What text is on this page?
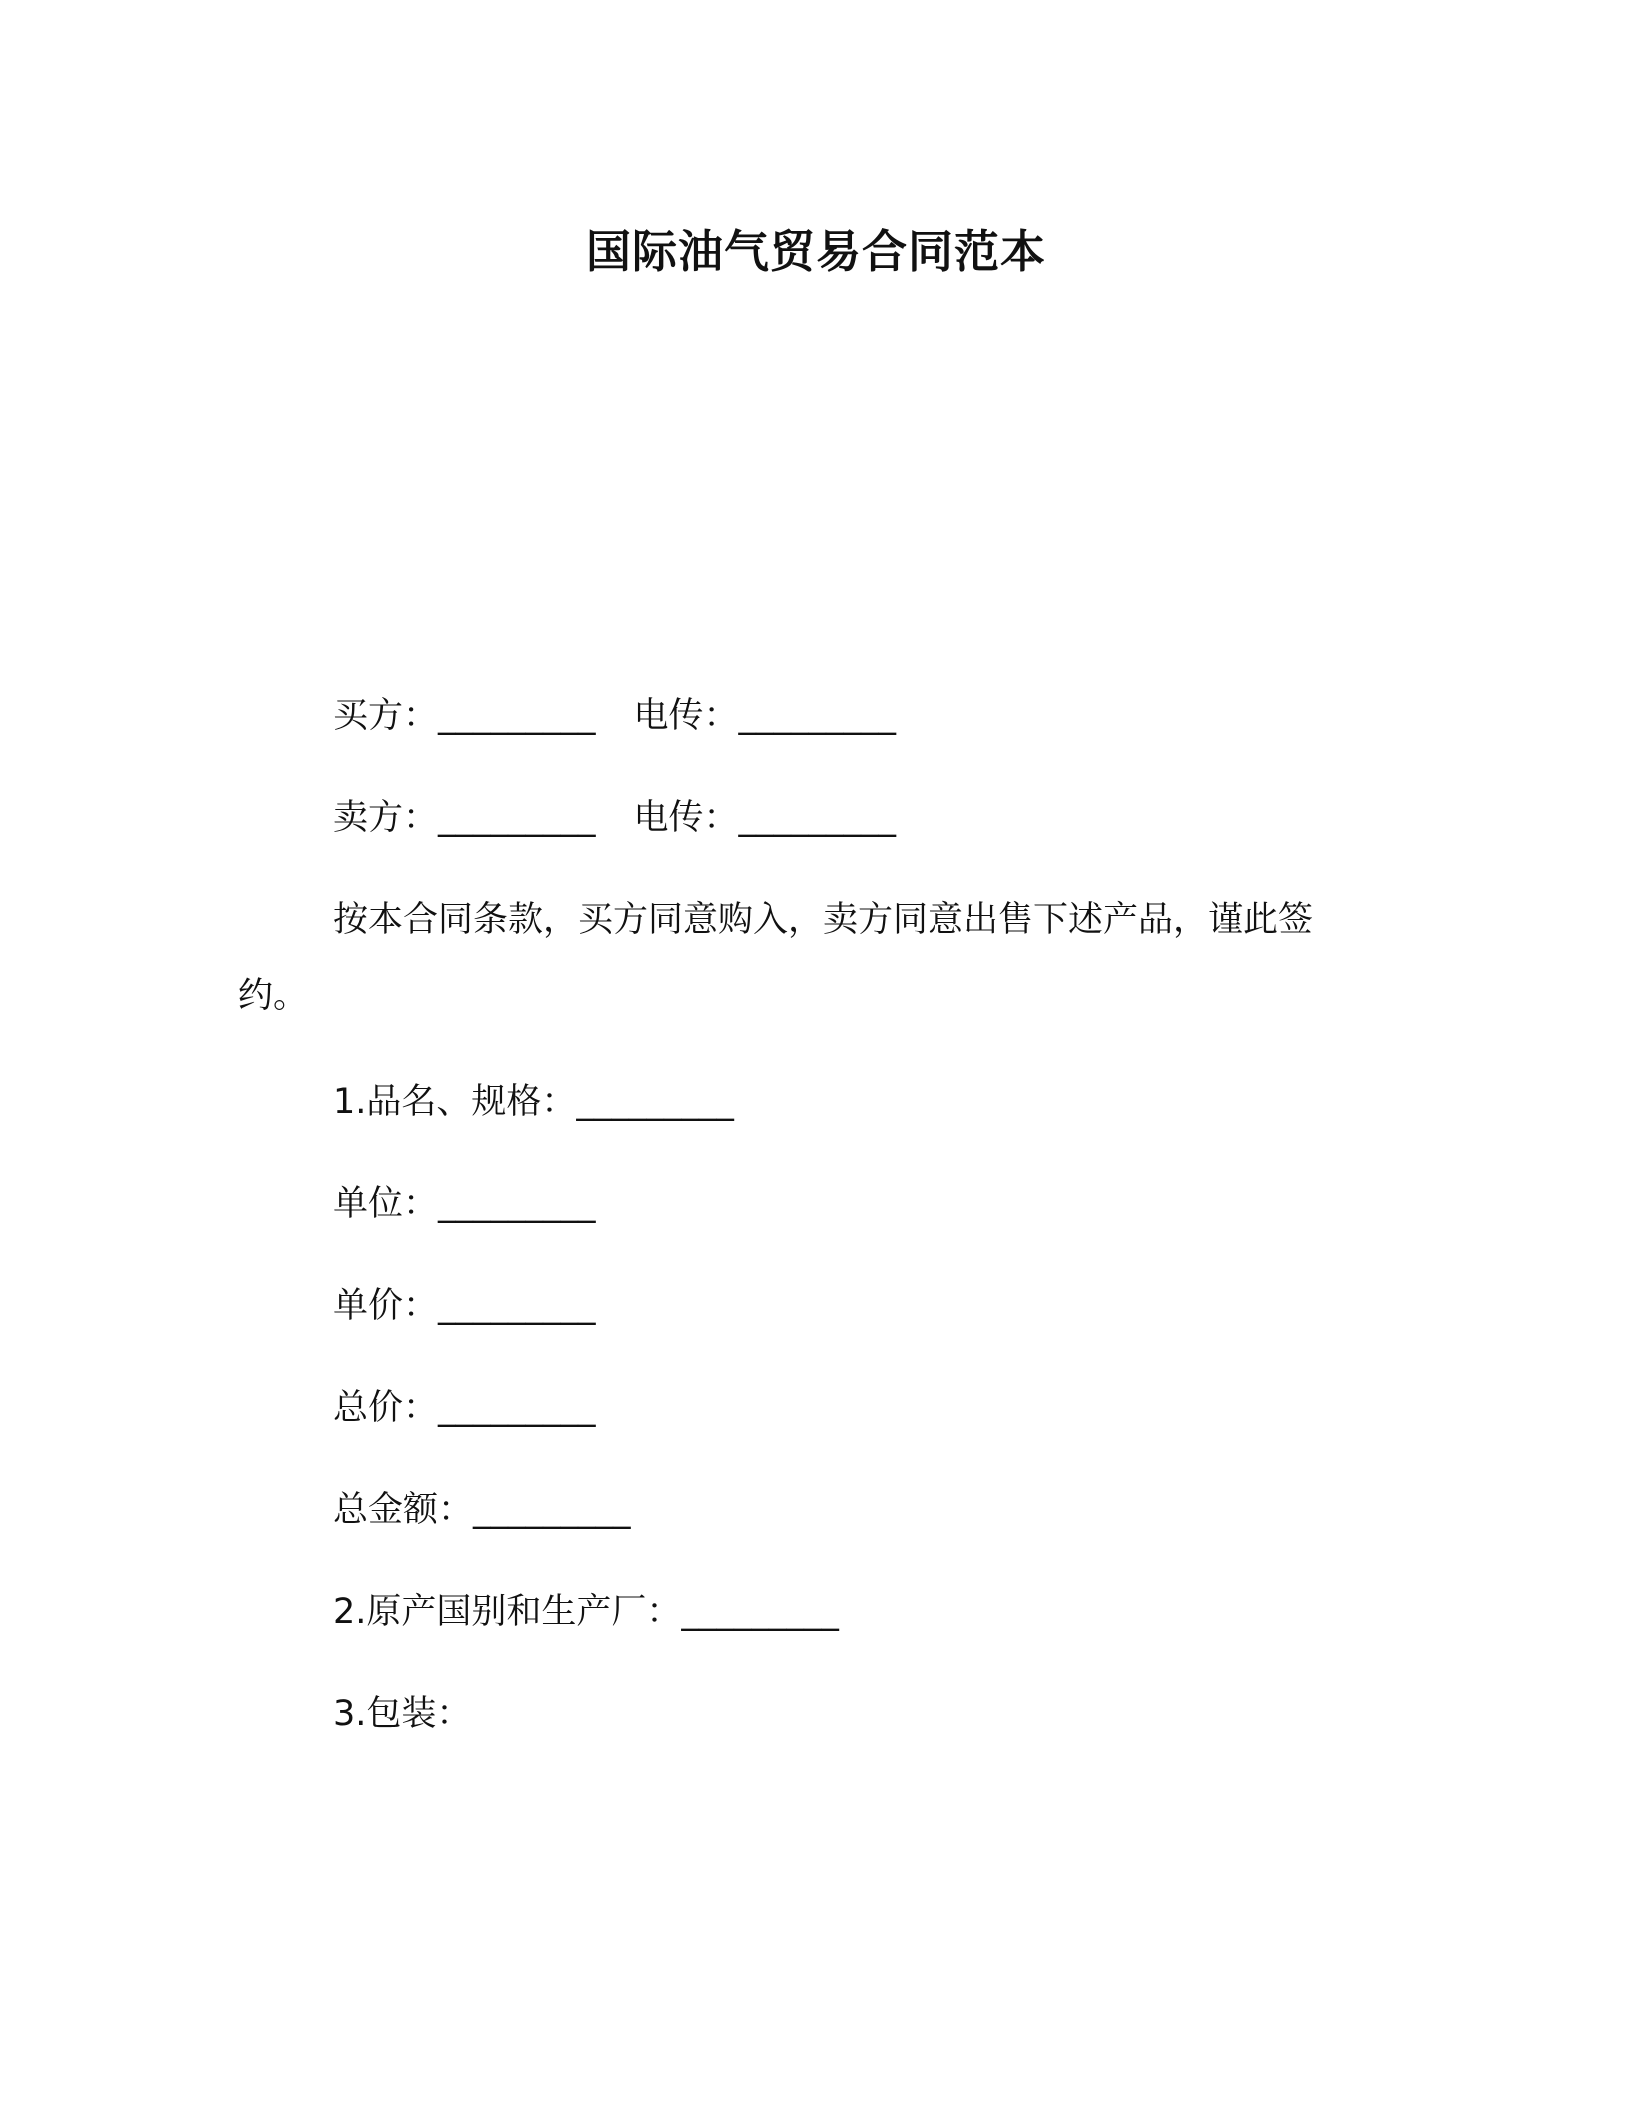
国际油气贸易合同范本
买方：_________ 电传：_________
卖方：_________ 电传：_________
按本合同条款，买方同意购入，卖方同意出售下述产品，谨此签
约。
1.品名、规格：_________
单位：_________
单价：_________
总价：_________
总金额：_________
2.原产国别和生产厂：_________
3.包装：
